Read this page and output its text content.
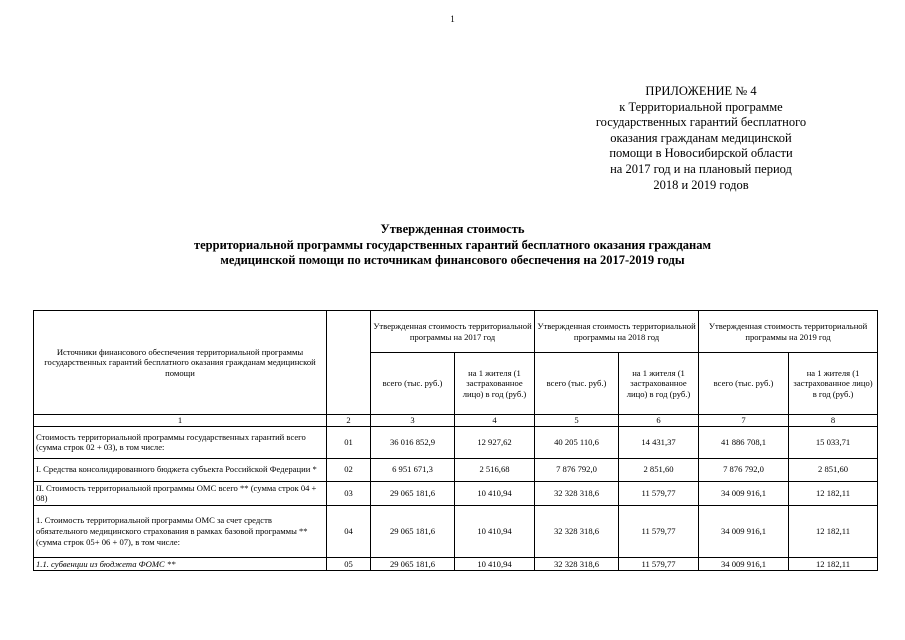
1
ПРИЛОЖЕНИЕ № 4
к Территориальной программе
государственных гарантий бесплатного
оказания гражданам медицинской
помощи в Новосибирской области
на 2017 год и на плановый период
2018 и 2019 годов
Утвержденная стоимость
территориальной программы государственных гарантий бесплатного оказания гражданам
медицинской помощи по источникам финансового обеспечения на 2017-2019 годы
Источники финансового обеспечения территориальной программы государственных гарантий бесплатного оказания гражданам медицинской помощи		Утвержденная стоимость территориальной программы на 2017 год		Утвержденная стоимость территориальной программы на 2018 год		Утвержденная стоимость территориальной программы на 2019 год	
		всего (тыс. руб.)	на 1 жителя (1 застрахованное лицо) в год (руб.)	всего (тыс. руб.)	на 1 жителя (1 застрахованное лицо) в год (руб.)	всего (тыс. руб.)	на 1 жителя (1 застрахованное лицо) в год (руб.)
1	2	3	4	5	6	7	8
Стоимость территориальной программы государственных гарантий всего (сумма строк 02 + 03), в том числе:	01	36 016 852,9	12 927,62	40 205 110,6	14 431,37	41 886 708,1	15 033,71
I. Средства консолидированного бюджета субъекта Российской Федерации *	02	6 951 671,3	2 516,68	7 876 792,0	2 851,60	7 876 792,0	2 851,60
II. Стоимость территориальной программы ОМС всего ** (сумма строк 04 + 08)	03	29 065 181,6	10 410,94	32 328 318,6	11 579,77	34 009 916,1	12 182,11
1. Стоимость территориальной программы ОМС за счет средств обязательного медицинского страхования в рамках базовой программы ** (сумма строк 05+ 06 + 07), в том числе:	04	29 065 181,6	10 410,94	32 328 318,6	11 579,77	34 009 916,1	12 182,11
1.1. субвенции из бюджета ФОМС **	05	29 065 181,6	10 410,94	32 328 318,6	11 579,77	34 009 916,1	12 182,11
